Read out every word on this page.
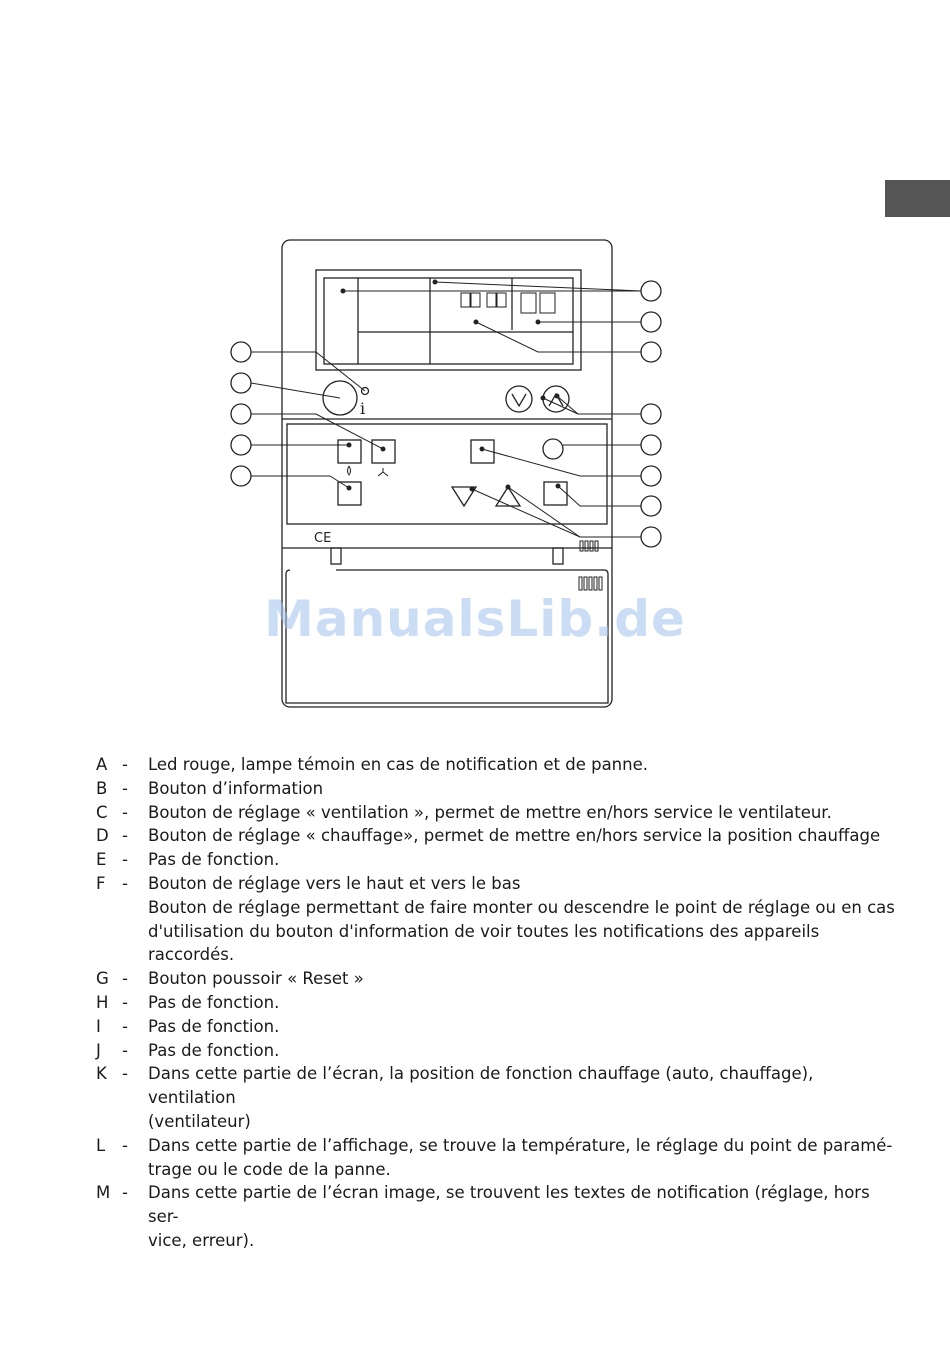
i
CE
ManualsLib.de
A -	Led rouge, lampe témoin en cas de notification et de panne.
B -	Bouton d’information
C -	Bouton de réglage « ventilation », permet de mettre en/hors service le ventilateur.
D -	Bouton de réglage « chauffage», permet de mettre en/hors service la position chauffage
E -	Pas de fonction.
F	-	Bouton de réglage vers le haut et vers le bas
Bouton de réglage permettant de faire monter ou descendre le point de réglage ou en cas
d'utilisation du bouton d'information de voir toutes les notifications des appareils raccordés.
G -	Bouton poussoir « Reset »
H -	Pas de fonction.
I	-	Pas de fonction.
J	-	Pas de fonction.
K -	Dans cette partie de l’écran, la position de fonction chauffage (auto, chauffage), ventilation
(ventilateur)
L	-	Dans cette partie de l’affichage, se trouve la température, le réglage du point de paramé-
trage ou le code de la panne.
M -	Dans cette partie de l’écran image, se trouvent les textes de notification (réglage, hors ser-
vice, erreur).
